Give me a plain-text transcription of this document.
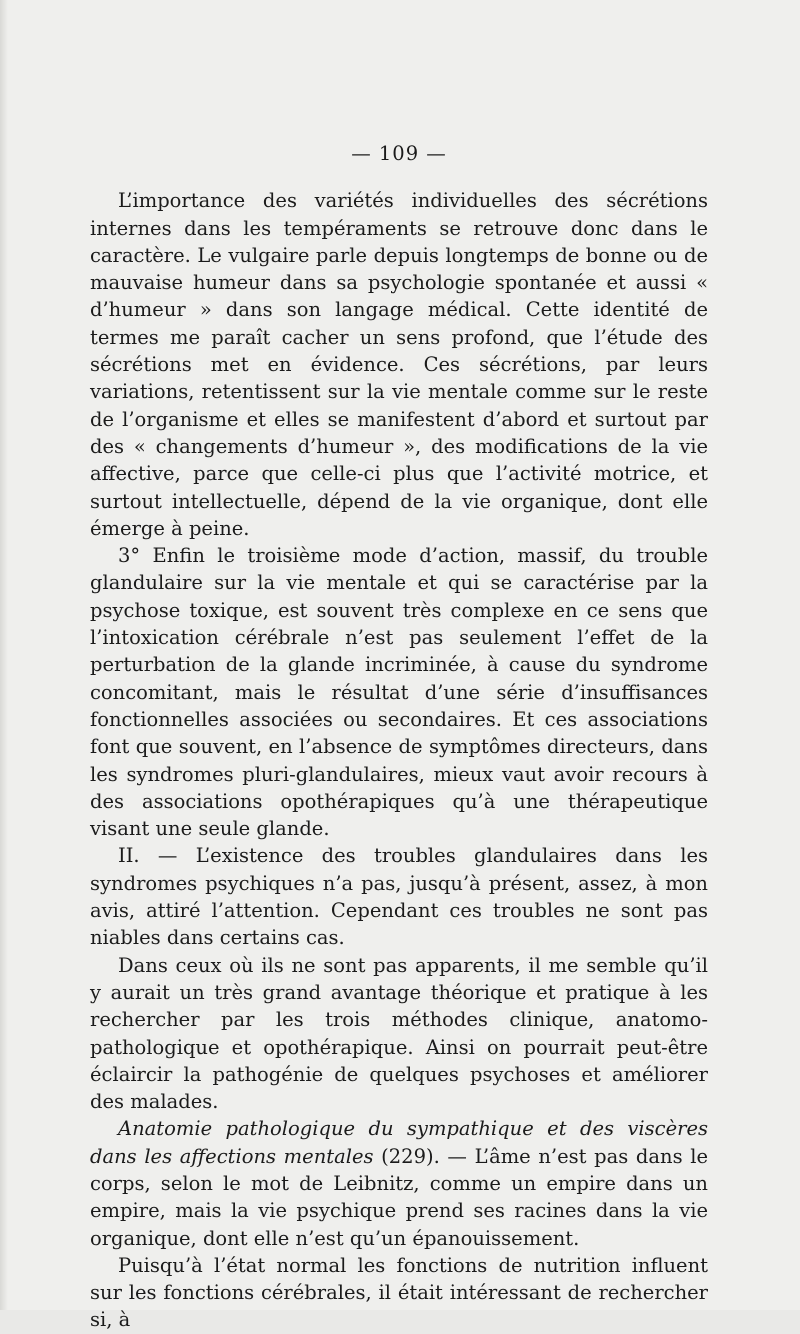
— 109 —

L’importance des variétés individuelles des sécrétions internes dans les tempéraments se retrouve donc dans le caractère. Le vulgaire parle depuis longtemps de bonne ou de mauvaise humeur dans sa psychologie spontanée et aussi « d’humeur » dans son langage médical. Cette identité de termes me paraît cacher un sens profond, que l’étude des sécrétions met en évidence. Ces sécrétions, par leurs variations, retentissent sur la vie mentale comme sur le reste de l’organisme et elles se manifestent d’abord et surtout par des « changements d’humeur », des modifications de la vie affective, parce que celle-ci plus que l’activité motrice, et surtout intellectuelle, dépend de la vie organique, dont elle émerge à peine.

3° Enfin le troisième mode d’action, massif, du trouble glandulaire sur la vie mentale et qui se caractérise par la psychose toxique, est souvent très complexe en ce sens que l’intoxication cérébrale n’est pas seulement l’effet de la perturbation de la glande incriminée, à cause du syndrome concomitant, mais le résultat d’une série d’insuffisances fonctionnelles associées ou secondaires. Et ces associations font que souvent, en l’absence de symptômes directeurs, dans les syndromes pluri-glandulaires, mieux vaut avoir recours à des associations opothérapiques qu’à une thérapeutique visant une seule glande.

II. — L’existence des troubles glandulaires dans les syndromes psychiques n’a pas, jusqu’à présent, assez, à mon avis, attiré l’attention. Cependant ces troubles ne sont pas niables dans certains cas.

Dans ceux où ils ne sont pas apparents, il me semble qu’il y aurait un très grand avantage théorique et pratique à les rechercher par les trois méthodes clinique, anatomo-pathologique et opothérapique. Ainsi on pourrait peut-être éclaircir la pathogénie de quelques psychoses et améliorer des malades.

Anatomie pathologique du sympathique et des viscères dans les affections mentales (229). — L’âme n’est pas dans le corps, selon le mot de Leibnitz, comme un empire dans un empire, mais la vie psychique prend ses racines dans la vie organique, dont elle n’est qu’un épanouissement.

Puisqu’à l’état normal les fonctions de nutrition influent sur les fonctions cérébrales, il était intéressant de rechercher si, à
